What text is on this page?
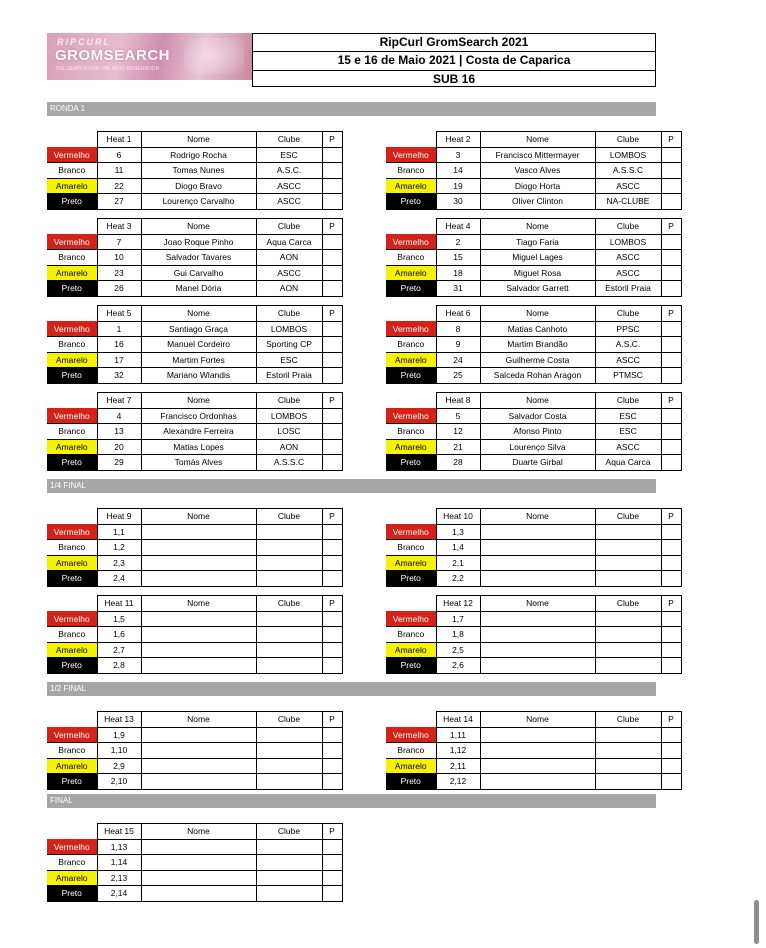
RIPCURL
GROMSEARCH
THE SEARCH FOR THE NEXT GENERATION
RipCurl GromSearch 2021
15 e 16 de Maio 2021 | Costa de Caparica
SUB 16
RONDA 1
	Heat 1	Nome	Clube	P
Vermelho	6	Rodrigo Rocha	ESC	
Branco	11	Tomas Nunes	A.S.C.	
Amarelo	22	Diogo Bravo	ASCC	
Preto	27	Lourenço Carvalho	ASCC	
	Heat 2	Nome	Clube	P
Vermelho	3	Francisco Mittermayer	LOMBOS	
Branco	14	Vasco Alves	A.S.S.C	
Amarelo	19	Diogo Horta	ASCC	
Preto	30	Oliver Clinton	NA-CLUBE	
	Heat 3	Nome	Clube	P
Vermelho	7	Joao Roque Pinho	Aqua Carca	
Branco	10	Salvador Tavares	AON	
Amarelo	23	Gui Carvalho	ASCC	
Preto	26	Manel Dória	AON	
	Heat 4	Nome	Clube	P
Vermelho	2	Tiago Faria	LOMBOS	
Branco	15	Miguel Lages	ASCC	
Amarelo	18	Miguel Rosa	ASCC	
Preto	31	Salvador Garrett	Estoril Praia	
	Heat 5	Nome	Clube	P
Vermelho	1	Santiago Graça	LOMBOS	
Branco	16	Manuel Cordeiro	Sporting CP	
Amarelo	17	Martim Fortes	ESC	
Preto	32	Mariano Wlandis	Estoril Praia	
	Heat 6	Nome	Clube	P
Vermelho	8	Matias Canhoto	PPSC	
Branco	9	Martim Brandão	A.S.C.	
Amarelo	24	Guilherme Costa	ASCC	
Preto	25	Salceda Rohan Aragon	PTMSC	
	Heat 7	Nome	Clube	P
Vermelho	4	Francisco Ordonhas	LOMBOS	
Branco	13	Alexandre Ferreira	LOSC	
Amarelo	20	Matias Lopes	AON	
Preto	29	Tomás Alves	A.S.S.C	
	Heat 8	Nome	Clube	P
Vermelho	5	Salvador Costa	ESC	
Branco	12	Afonso Pinto	ESC	
Amarelo	21	Lourenço Silva	ASCC	
Preto	28	Duarte Girbal	Aqua Carca	
1/4 FINAL
	Heat 9	Nome	Clube	P
Vermelho	1,1			
Branco	1,2			
Amarelo	2,3			
Preto	2,4			
	Heat 10	Nome	Clube	P
Vermelho	1,3			
Branco	1,4			
Amarelo	2,1			
Preto	2,2			
	Heat 11	Nome	Clube	P
Vermelho	1,5			
Branco	1,6			
Amarelo	2,7			
Preto	2,8			
	Heat 12	Nome	Clube	P
Vermelho	1,7			
Branco	1,8			
Amarelo	2,5			
Preto	2,6			
1/2 FINAL
	Heat 13	Nome	Clube	P
Vermelho	1,9			
Branco	1,10			
Amarelo	2,9			
Preto	2,10			
	Heat 14	Nome	Clube	P
Vermelho	1,11			
Branco	1,12			
Amarelo	2,11			
Preto	2,12			
FINAL
	Heat 15	Nome	Clube	P
Vermelho	1,13			
Branco	1,14			
Amarelo	2,13			
Preto	2,14			
